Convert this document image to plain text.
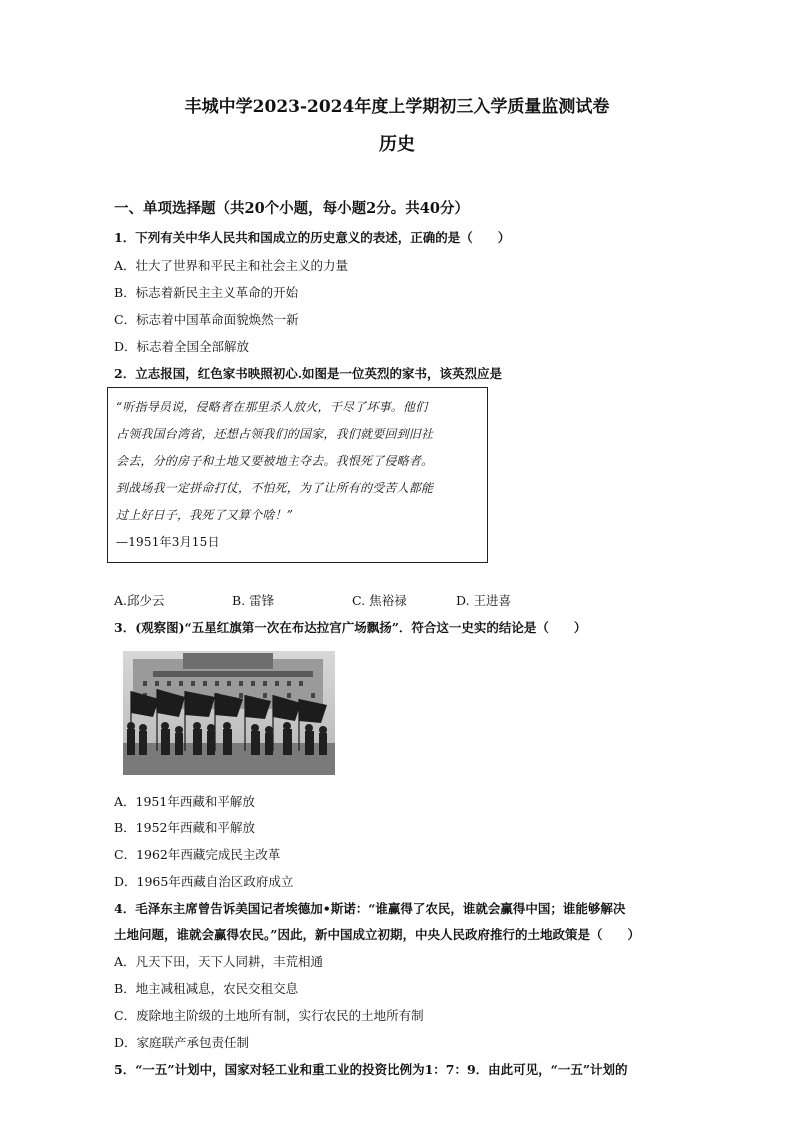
丰城中学2023-2024年度上学期初三入学质量监测试卷
历史
一、单项选择题（共20个小题，每小题2分。共40分）
1．下列有关中华人民共和国成立的历史意义的表述，正确的是（　　）
A．壮大了世界和平民主和社会主义的力量
B．标志着新民主主义革命的开始
C．标志着中国革命面貌焕然一新
D．标志着全国全部解放
2．立志报国，红色家书映照初心.如图是一位英烈的家书，该英烈应是
“听指导员说，侵略者在那里杀人放火，干尽了坏事。他们
占领我国台湾省，还想占领我们的国家，我们就要回到旧社
会去，分的房子和土地又要被地主夺去。我恨死了侵略者。
到战场我一定拼命打仗，不怕死，为了让所有的受苦人都能
过上好日子，我死了又算个啥！”
—1951年3月15日
A.邱少云	B. 雷锋	C. 焦裕禄	D. 王进喜
3．(观察图)“五星红旗第一次在布达拉宫广场飘扬”．符合这一史实的结论是（　　）
A．1951年西藏和平解放
B．1952年西藏和平解放
C．1962年西藏完成民主改革
D．1965年西藏自治区政府成立
4．毛泽东主席曾告诉美国记者埃德加•斯诺：“谁赢得了农民，谁就会赢得中国；谁能够解决
土地问题，谁就会赢得农民。”因此，新中国成立初期，中央人民政府推行的土地政策是（　　）
A．凡天下田，天下人同耕，丰荒相通
B．地主减租减息，农民交租交息
C．废除地主阶级的土地所有制，实行农民的土地所有制
D．家庭联产承包责任制
5．“一五”计划中，国家对轻工业和重工业的投资比例为1：7：9．由此可见，“一五”计划的
